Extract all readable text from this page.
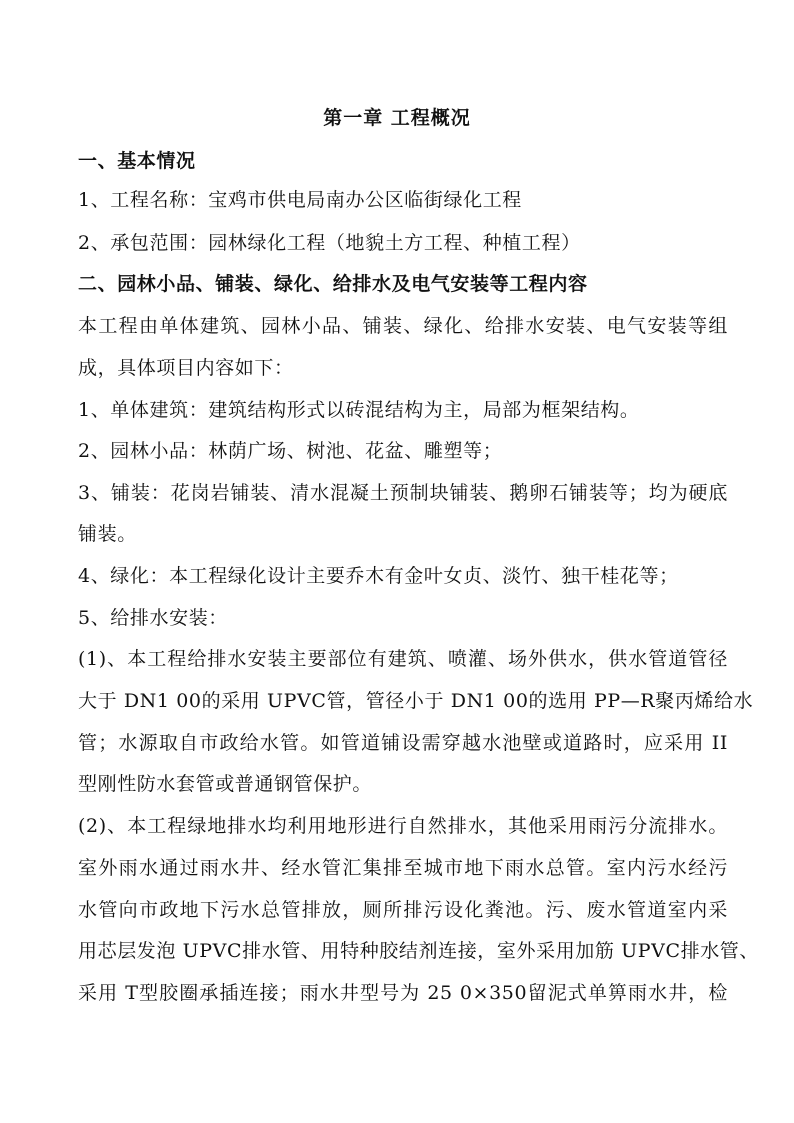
第一章 工程概况
一、基本情况
1、工程名称：宝鸡市供电局南办公区临街绿化工程
2、承包范围：园林绿化工程（地貌土方工程、种植工程）
二、园林小品、铺装、绿化、给排水及电气安装等工程内容
本工程由单体建筑、园林小品、铺装、绿化、给排水安装、电气安装等组
成，具体项目内容如下：
1、单体建筑：建筑结构形式以砖混结构为主，局部为框架结构。
2、园林小品：林荫广场、树池、花盆、雕塑等；
3、铺装：花岗岩铺装、清水混凝土预制块铺装、鹅卵石铺装等；均为硬底
铺装。
4、绿化：本工程绿化设计主要乔木有金叶女贞、淡竹、独干桂花等；
5、给排水安装：
(1)、本工程给排水安装主要部位有建筑、喷灌、场外供水，供水管道管径
大于 DN1 00的采用 UPVC管，管径小于 DN1 00的选用 PP—R聚丙烯给水
管；水源取自市政给水管。如管道铺设需穿越水池壁或道路时，应采用 II
型刚性防水套管或普通钢管保护。
(2)、本工程绿地排水均利用地形进行自然排水，其他采用雨污分流排水。
室外雨水通过雨水井、经水管汇集排至城市地下雨水总管。室内污水经污
水管向市政地下污水总管排放，厕所排污设化粪池。污、废水管道室内采
用芯层发泡 UPVC排水管、用特种胶结剂连接，室外采用加筋 UPVC排水管、
采用 T型胶圈承插连接；雨水井型号为 25 0×350留泥式单箅雨水井，检
